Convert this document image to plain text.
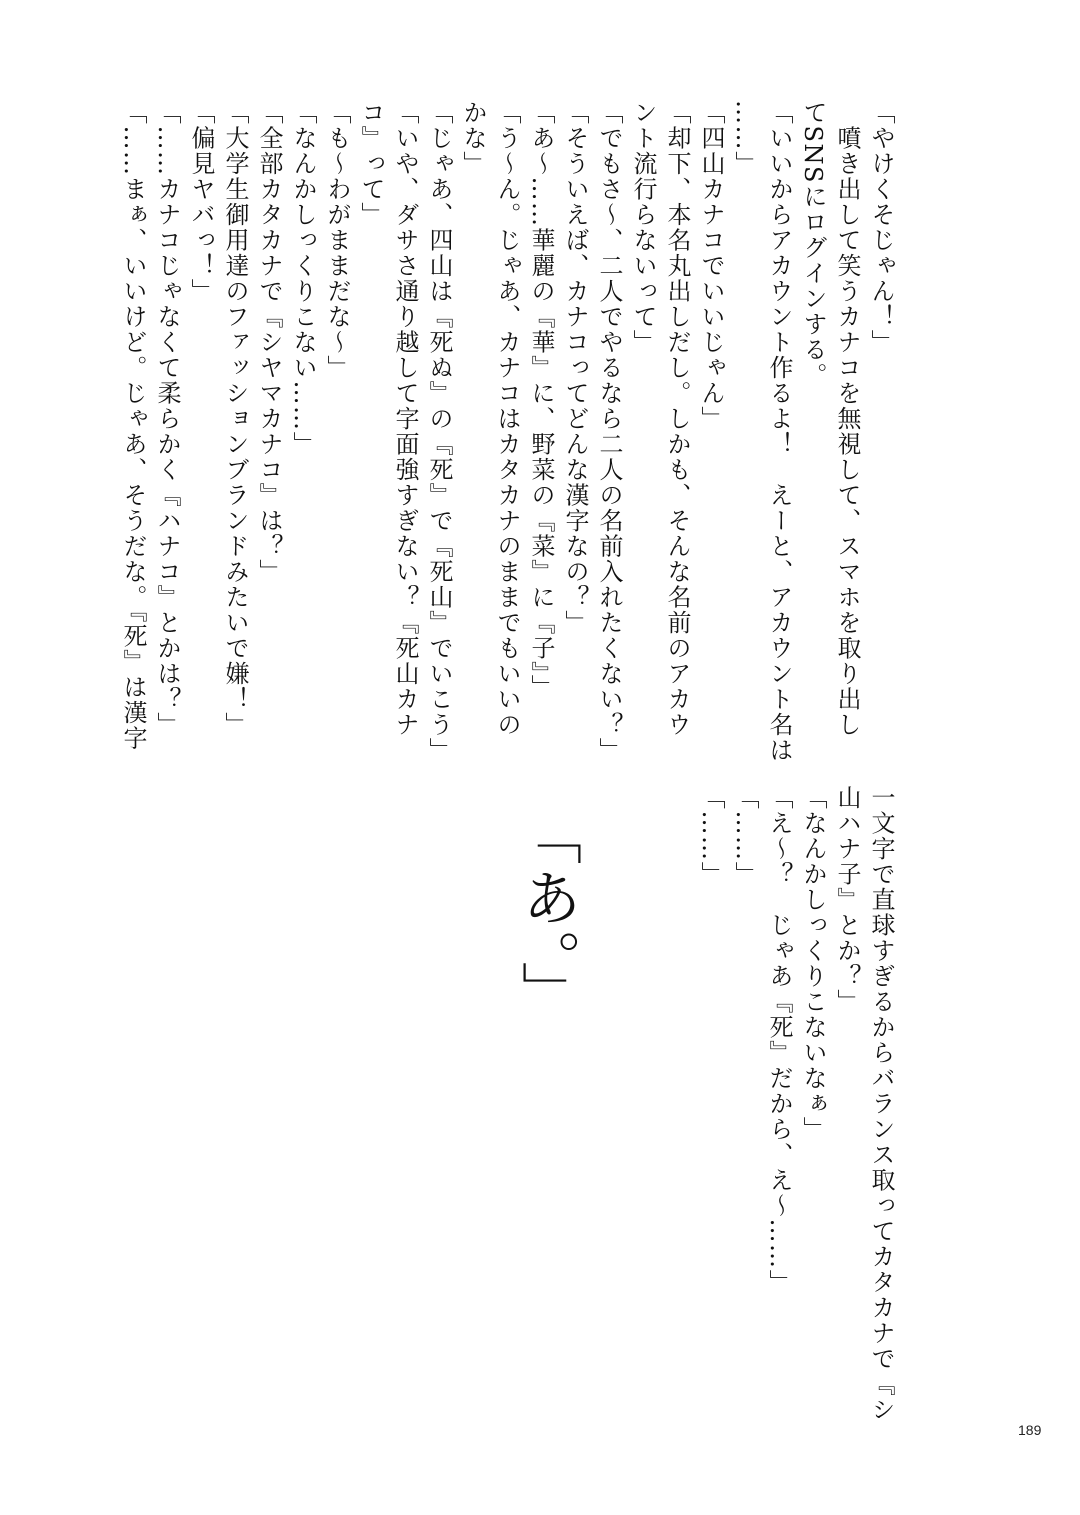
「やけくそじゃん！」
　噴き出して笑うカナコを無視して、スマホを取り出し
てSNSにログインする。
「いいからアカウント作るよ！　えーと、アカウント名は
……」
「四山カナコでいいじゃん」
「却下、本名丸出しだし。しかも、そんな名前のアカウ
ント流行らないって」
「でもさ～、二人でやるなら二人の名前入れたくない？」
「そういえば、カナコってどんな漢字なの？」
「あ～……華麗の『華』に、野菜の『菜』に『子』」
「う～ん。じゃあ、カナコはカタカナのままでもいいの
かな」
「じゃあ、四山は『死ぬ』の『死』で『死山』でいこう」
「いや、ダサさ通り越して字面強すぎない？『死山カナ
コ』って」
「も～わがままだな～」
「なんかしっくりこない……」
「全部カタカナで『シヤマカナコ』は？」
「大学生御用達のファッションブランドみたいで嫌！」
「偏見ヤバっ！」
「……カナコじゃなくて柔らかく『ハナコ』とかは？」
「……まぁ、いいけど。じゃあ、そうだな。『死』は漢字
一文字で直球すぎるからバランス取ってカタカナで『シ
山ハナ子』とか？」
「なんかしっくりこないなぁ」
「え～？　じゃあ『死』だから、え～……」
「……」
「……」
「あ。」
189
